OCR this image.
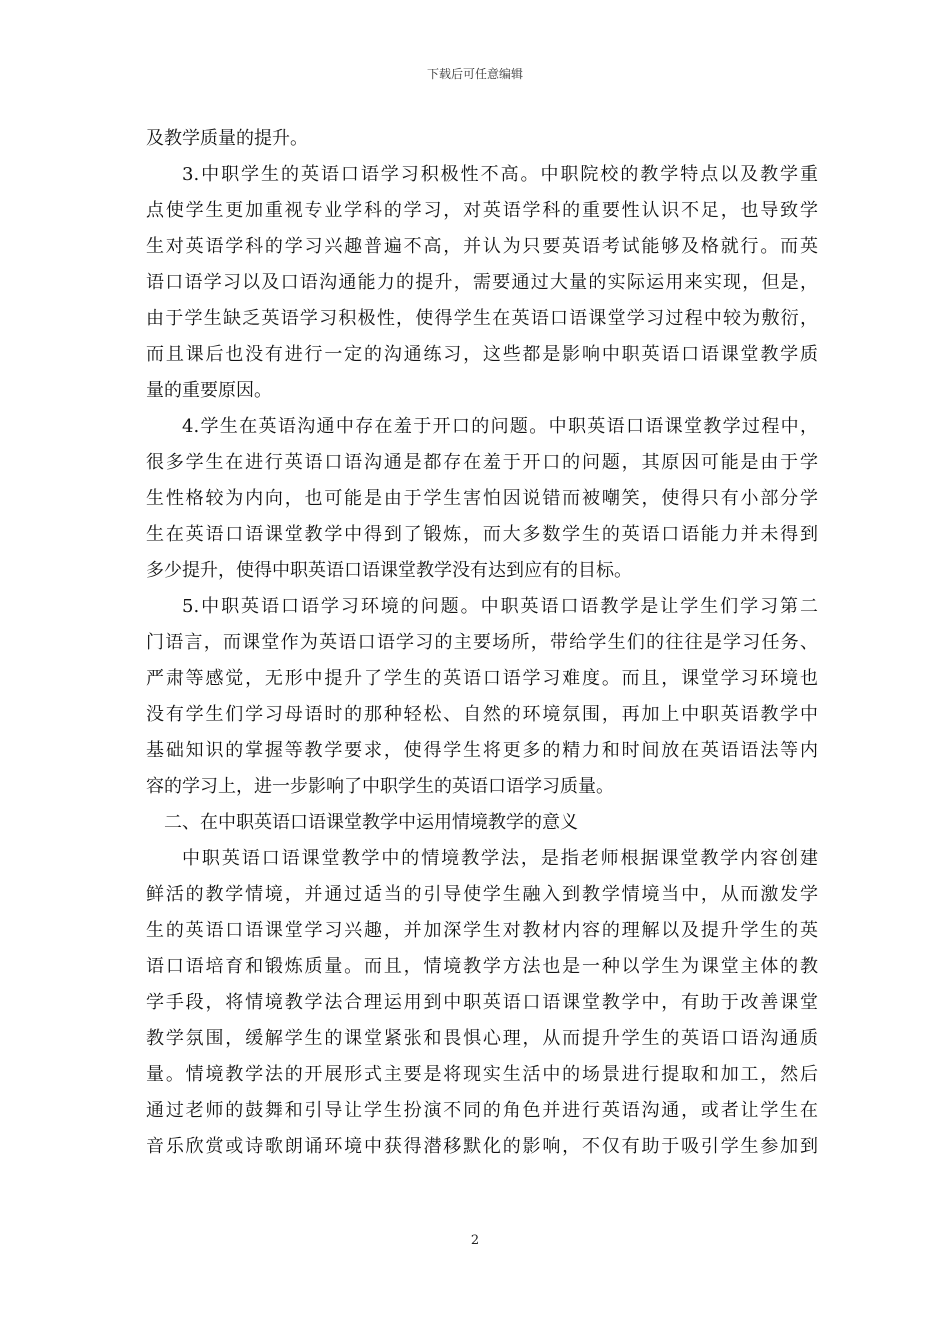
下载后可任意编辑
及教学质量的提升。
3.中职学生的英语口语学习积极性不高。中职院校的教学特点以及教学重
点使学生更加重视专业学科的学习，对英语学科的重要性认识不足，也导致学
生对英语学科的学习兴趣普遍不高，并认为只要英语考试能够及格就行。而英
语口语学习以及口语沟通能力的提升，需要通过大量的实际运用来实现，但是，
由于学生缺乏英语学习积极性，使得学生在英语口语课堂学习过程中较为敷衍，
而且课后也没有进行一定的沟通练习，这些都是影响中职英语口语课堂教学质
量的重要原因。
4.学生在英语沟通中存在羞于开口的问题。中职英语口语课堂教学过程中，
很多学生在进行英语口语沟通是都存在羞于开口的问题，其原因可能是由于学
生性格较为内向，也可能是由于学生害怕因说错而被嘲笑，使得只有小部分学
生在英语口语课堂教学中得到了锻炼，而大多数学生的英语口语能力并未得到
多少提升，使得中职英语口语课堂教学没有达到应有的目标。
5.中职英语口语学习环境的问题。中职英语口语教学是让学生们学习第二
门语言，而课堂作为英语口语学习的主要场所，带给学生们的往往是学习任务、
严肃等感觉，无形中提升了学生的英语口语学习难度。而且，课堂学习环境也
没有学生们学习母语时的那种轻松、自然的环境氛围，再加上中职英语教学中
基础知识的掌握等教学要求，使得学生将更多的精力和时间放在英语语法等内
容的学习上，进一步影响了中职学生的英语口语学习质量。
二、在中职英语口语课堂教学中运用情境教学的意义
中职英语口语课堂教学中的情境教学法，是指老师根据课堂教学内容创建
鲜活的教学情境，并通过适当的引导使学生融入到教学情境当中，从而激发学
生的英语口语课堂学习兴趣，并加深学生对教材内容的理解以及提升学生的英
语口语培育和锻炼质量。而且，情境教学方法也是一种以学生为课堂主体的教
学手段，将情境教学法合理运用到中职英语口语课堂教学中，有助于改善课堂
教学氛围，缓解学生的课堂紧张和畏惧心理，从而提升学生的英语口语沟通质
量。情境教学法的开展形式主要是将现实生活中的场景进行提取和加工，然后
通过老师的鼓舞和引导让学生扮演不同的角色并进行英语沟通，或者让学生在
音乐欣赏或诗歌朗诵环境中获得潜移默化的影响，不仅有助于吸引学生参加到
2
